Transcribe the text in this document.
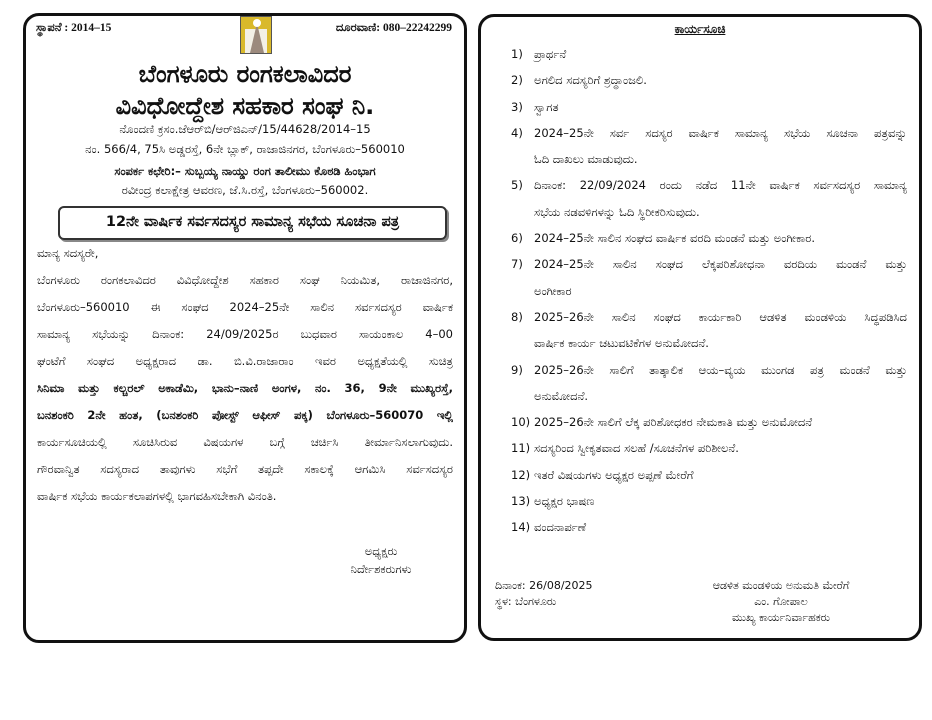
ಸ್ಥಾಪನೆ : 2014–15	ದೂರವಾಣಿ: 080–22242299
ಬೆಂಗಳೂರು ರಂಗಕಲಾವಿದರ
ವಿವಿಧೋದ್ದೇಶ ಸಹಕಾರ ಸಂಘ ನಿ.
ನೊಂದಣಿ ಕ್ರಸಂ.ಜೆಆರ್‌ಬಿ/ಆರ್‌ಜಿಎನ್/15/44628/2014–15
ನಂ. 566/4, 75ಸಿ ಅಡ್ಡರಸ್ತೆ, 6ನೇ ಬ್ಲಾಕ್, ರಾಜಾಜಿನಗರ, ಬೆಂಗಳೂರು–560010
ಸಂಪರ್ಕ ಕಛೇರಿ:– ಸುಬ್ಬಯ್ಯ ನಾಯ್ಡು ರಂಗ ತಾಲೀಮು ಕೊಠಡಿ ಹಿಂಭಾಗ
ರವೀಂದ್ರ ಕಲಾಕ್ಷೇತ್ರ ಆವರಣ, ಜೆ.ಸಿ.ರಸ್ತೆ, ಬೆಂಗಳೂರು–560002.
12ನೇ ವಾರ್ಷಿಕ ಸರ್ವಸದಸ್ಯರ ಸಾಮಾನ್ಯ ಸಭೆಯ ಸೂಚನಾ ಪತ್ರ
ಮಾನ್ಯ ಸದಸ್ಯರೇ,
ಬೆಂಗಳೂರು ರಂಗಕಲಾವಿದರ ವಿವಿಧೋದ್ದೇಶ ಸಹಕಾರ ಸಂಘ ನಿಯಮಿತ, ರಾಜಾಜಿನಗರ,
ಬೆಂಗಳೂರು–560010 ಈ ಸಂಘದ 2024–25ನೇ ಸಾಲಿನ ಸರ್ವಸದಸ್ಯರ ವಾರ್ಷಿಕ
ಸಾಮಾನ್ಯ ಸಭೆಯನ್ನು ದಿನಾಂಕ: 24/09/2025ರ ಬುಧವಾರ ಸಾಯಂಕಾಲ 4–00
ಘಂಟೆಗೆ ಸಂಘದ ಅಧ್ಯಕ್ಷರಾದ ಡಾ. ಬಿ.ವಿ.ರಾಜಾರಾಂ ಇವರ ಅಧ್ಯಕ್ಷತೆಯಲ್ಲಿ ಸುಚಿತ್ರ
ಸಿನಿಮಾ ಮತ್ತು ಕಲ್ಚರಲ್ ಅಕಾಡೆಮಿ, ಭಾನು–ನಾಣಿ ಅಂಗಳ, ನಂ. 36, 9ನೇ ಮುಖ್ಯರಸ್ತೆ,
ಬನಶಂಕರಿ 2ನೇ ಹಂತ, (ಬನಶಂಕರಿ ಪೋಸ್ಟ್ ಆಫೀಸ್ ಪಕ್ಕ) ಬೆಂಗಳೂರು–560070 ಇಲ್ಲಿ
ಕಾರ್ಯಸೂಚಿಯಲ್ಲಿ ಸೂಚಿಸಿರುವ ವಿಷಯಗಳ ಬಗ್ಗೆ ಚರ್ಚಿಸಿ ತೀರ್ಮಾನಿಸಲಾಗುವುದು.
ಗೌರವಾನ್ವಿತ ಸದಸ್ಯರಾದ ತಾವುಗಳು ಸಭೆಗೆ ತಪ್ಪದೇ ಸಕಾಲಕ್ಕೆ ಆಗಮಿಸಿ ಸರ್ವಸದಸ್ಯರ
ವಾರ್ಷಿಕ ಸಭೆಯ ಕಾರ್ಯಕಲಾಪಗಳಲ್ಲಿ ಭಾಗವಹಿಸಬೇಕಾಗಿ ವಿನಂತಿ.
ಅಧ್ಯಕ್ಷರು
ನಿರ್ದೇಶಕರುಗಳು
ಕಾರ್ಯಸೂಚಿ
1) ಪ್ರಾರ್ಥನೆ
2) ಅಗಲಿದ ಸದಸ್ಯರಿಗೆ ಶ್ರದ್ಧಾಂಜಲಿ.
3) ಸ್ವಾಗತ
4) 2024–25ನೇ ಸರ್ವ ಸದಸ್ಯರ ವಾರ್ಷಿಕ ಸಾಮಾನ್ಯ ಸಭೆಯ ಸೂಚನಾ ಪತ್ರವನ್ನು
ಓದಿ ದಾಖಲು ಮಾಡುವುದು.
5) ದಿನಾಂಕ: 22/09/2024 ರಂದು ನಡೆದ 11ನೇ ವಾರ್ಷಿಕ ಸರ್ವಸದಸ್ಯರ ಸಾಮಾನ್ಯ
ಸಭೆಯ ನಡವಳಿಗಳನ್ನು ಓದಿ ಸ್ಥಿರೀಕರಿಸುವುದು.
6) 2024–25ನೇ ಸಾಲಿನ ಸಂಘದ ವಾರ್ಷಿಕ ವರದಿ ಮಂಡನೆ ಮತ್ತು ಅಂಗೀಕಾರ.
7) 2024–25ನೇ ಸಾಲಿನ ಸಂಘದ ಲೆಕ್ಕಪರಿಶೋಧನಾ ವರದಿಯ ಮಂಡನೆ ಮತ್ತು
ಅಂಗೀಕಾರ
8) 2025–26ನೇ ಸಾಲಿನ ಸಂಘದ ಕಾರ್ಯಕಾರಿ ಆಡಳಿತ ಮಂಡಳಿಯ ಸಿದ್ಧಪಡಿಸಿದ
ವಾರ್ಷಿಕ ಕಾರ್ಯ ಚಟುವಟಿಕೆಗಳ ಅನುಮೋದನೆ.
9) 2025–26ನೇ ಸಾಲಿಗೆ ತಾತ್ಕಾಲಿಕ ಆಯ–ವ್ಯಯ ಮುಂಗಡ ಪತ್ರ ಮಂಡನೆ ಮತ್ತು
ಅನುಮೋದನೆ.
10) 2025–26ನೇ ಸಾಲಿಗೆ ಲೆಕ್ಕ ಪರಿಶೋಧಕರ ನೇಮಕಾತಿ ಮತ್ತು ಅನುಮೋದನೆ
11) ಸದಸ್ಯರಿಂದ ಸ್ವೀಕೃತವಾದ ಸಲಹೆ /ಸೂಚನೆಗಳ ಪರಿಶೀಲನೆ.
12) ಇತರೆ ವಿಷಯಗಳು ಅಧ್ಯಕ್ಷರ ಅಪ್ಪಣೆ ಮೇರೆಗೆ
13) ಅಧ್ಯಕ್ಷರ ಭಾಷಣ
14) ವಂದನಾರ್ಪಣೆ
ದಿನಾಂಕ: 26/08/2025
ಸ್ಥಳ: ಬೆಂಗಳೂರು
ಆಡಳಿತ ಮಂಡಳಿಯ ಅನುಮತಿ ಮೇರೆಗೆ
ಎಂ. ಗೋಪಾಲ
ಮುಖ್ಯ ಕಾರ್ಯನಿರ್ವಾಹಕರು
